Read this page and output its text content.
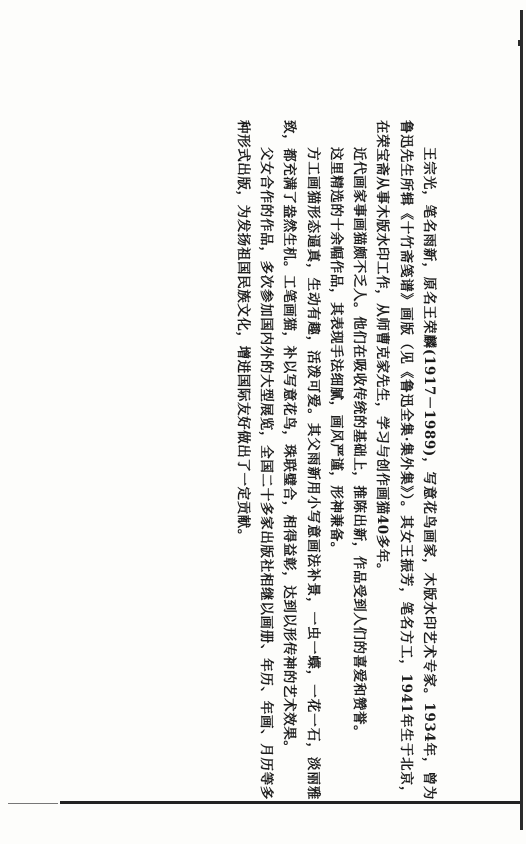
王宗光，笔名雨新，原名王荣麟(1917－1989)，写意花鸟画家，木版水印艺术专家。1934年，曾为鲁迅先生所辑《十竹斋笺谱》画版（见《鲁迅全集·集外集》）。其女王振芳，笔名方工，1941年生于北京，在荣宝斋从事木版水印工作，从师曹克家先生，学习与创作画猫40多年。

近代画家事画猫颇不乏人。他们在吸收传统的基础上，推陈出新，作品受到人们的喜爱和赞誉。

这里精选的十余幅作品，其表现手法细腻，画风严谨，形神兼备。

方工画猫形态逼真，生动有趣，活泼可爱。其父雨新用小写意画法补景，一虫一蝶，一花一石，淡丽雅致，都充满了盎然生机。工笔画猫，补以写意花鸟，珠联璧合，相得益彰，达到以形传神的艺术效果。

父女合作的作品，多次参加国内外的大型展览，全国二十多家出版社相继以画册、年历、年画、月历等多种形式出版，为发扬祖国民族文化，增进国际友好做出了一定贡献。
